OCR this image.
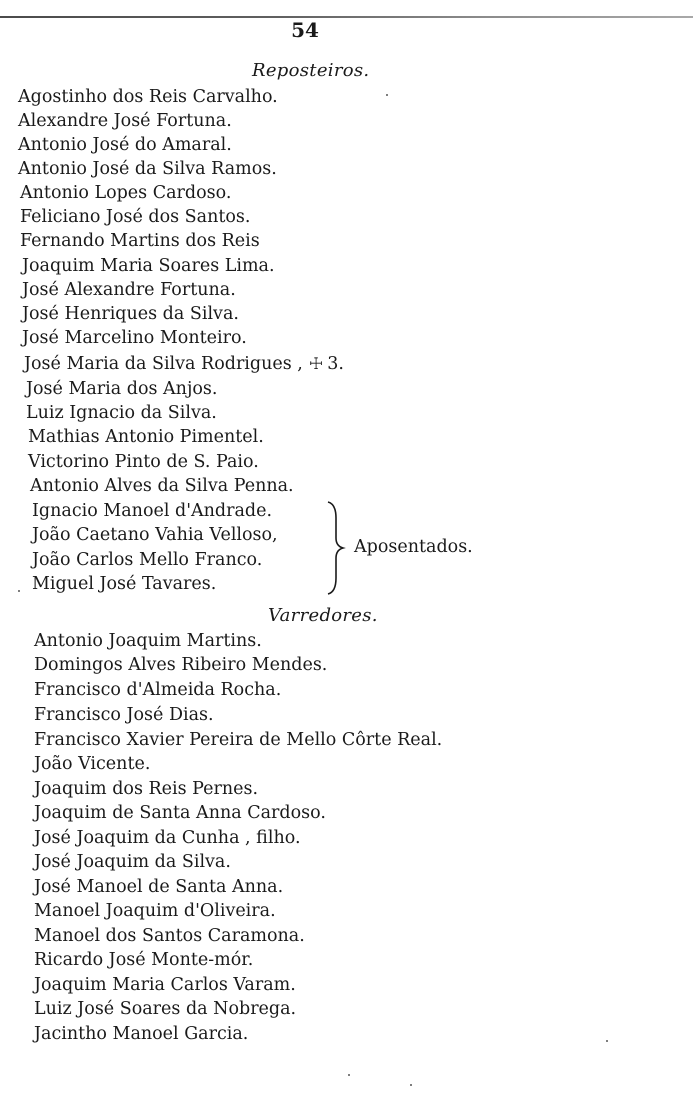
54
Reposteiros.
Agostinho dos Reis Carvalho.
Alexandre José Fortuna.
Antonio José do Amaral.
Antonio José da Silva Ramos.
Antonio Lopes Cardoso.
Feliciano José dos Santos.
Fernando Martins dos Reis
Joaquim Maria Soares Lima.
José Alexandre Fortuna.
José Henriques da Silva.
José Marcelino Monteiro.
José Maria da Silva Rodrigues , ☩ 3.
José Maria dos Anjos.
Luiz Ignacio da Silva.
Mathias Antonio Pimentel.
Victorino Pinto de S. Paio.
Antonio Alves da Silva Penna.
Ignacio Manoel d'Andrade.
João Caetano Vahia Velloso,
João Carlos Mello Franco.
Miguel José Tavares.
Aposentados.
Varredores.
Antonio Joaquim Martins.
Domingos Alves Ribeiro Mendes.
Francisco d'Almeida Rocha.
Francisco José Dias.
Francisco Xavier Pereira de Mello Côrte Real.
João Vicente.
Joaquim dos Reis Pernes.
Joaquim de Santa Anna Cardoso.
José Joaquim da Cunha , filho.
José Joaquim da Silva.
José Manoel de Santa Anna.
Manoel Joaquim d'Oliveira.
Manoel dos Santos Caramona.
Ricardo José Monte-mór.
Joaquim Maria Carlos Varam.
Luiz José Soares da Nobrega.
Jacintho Manoel Garcia.
